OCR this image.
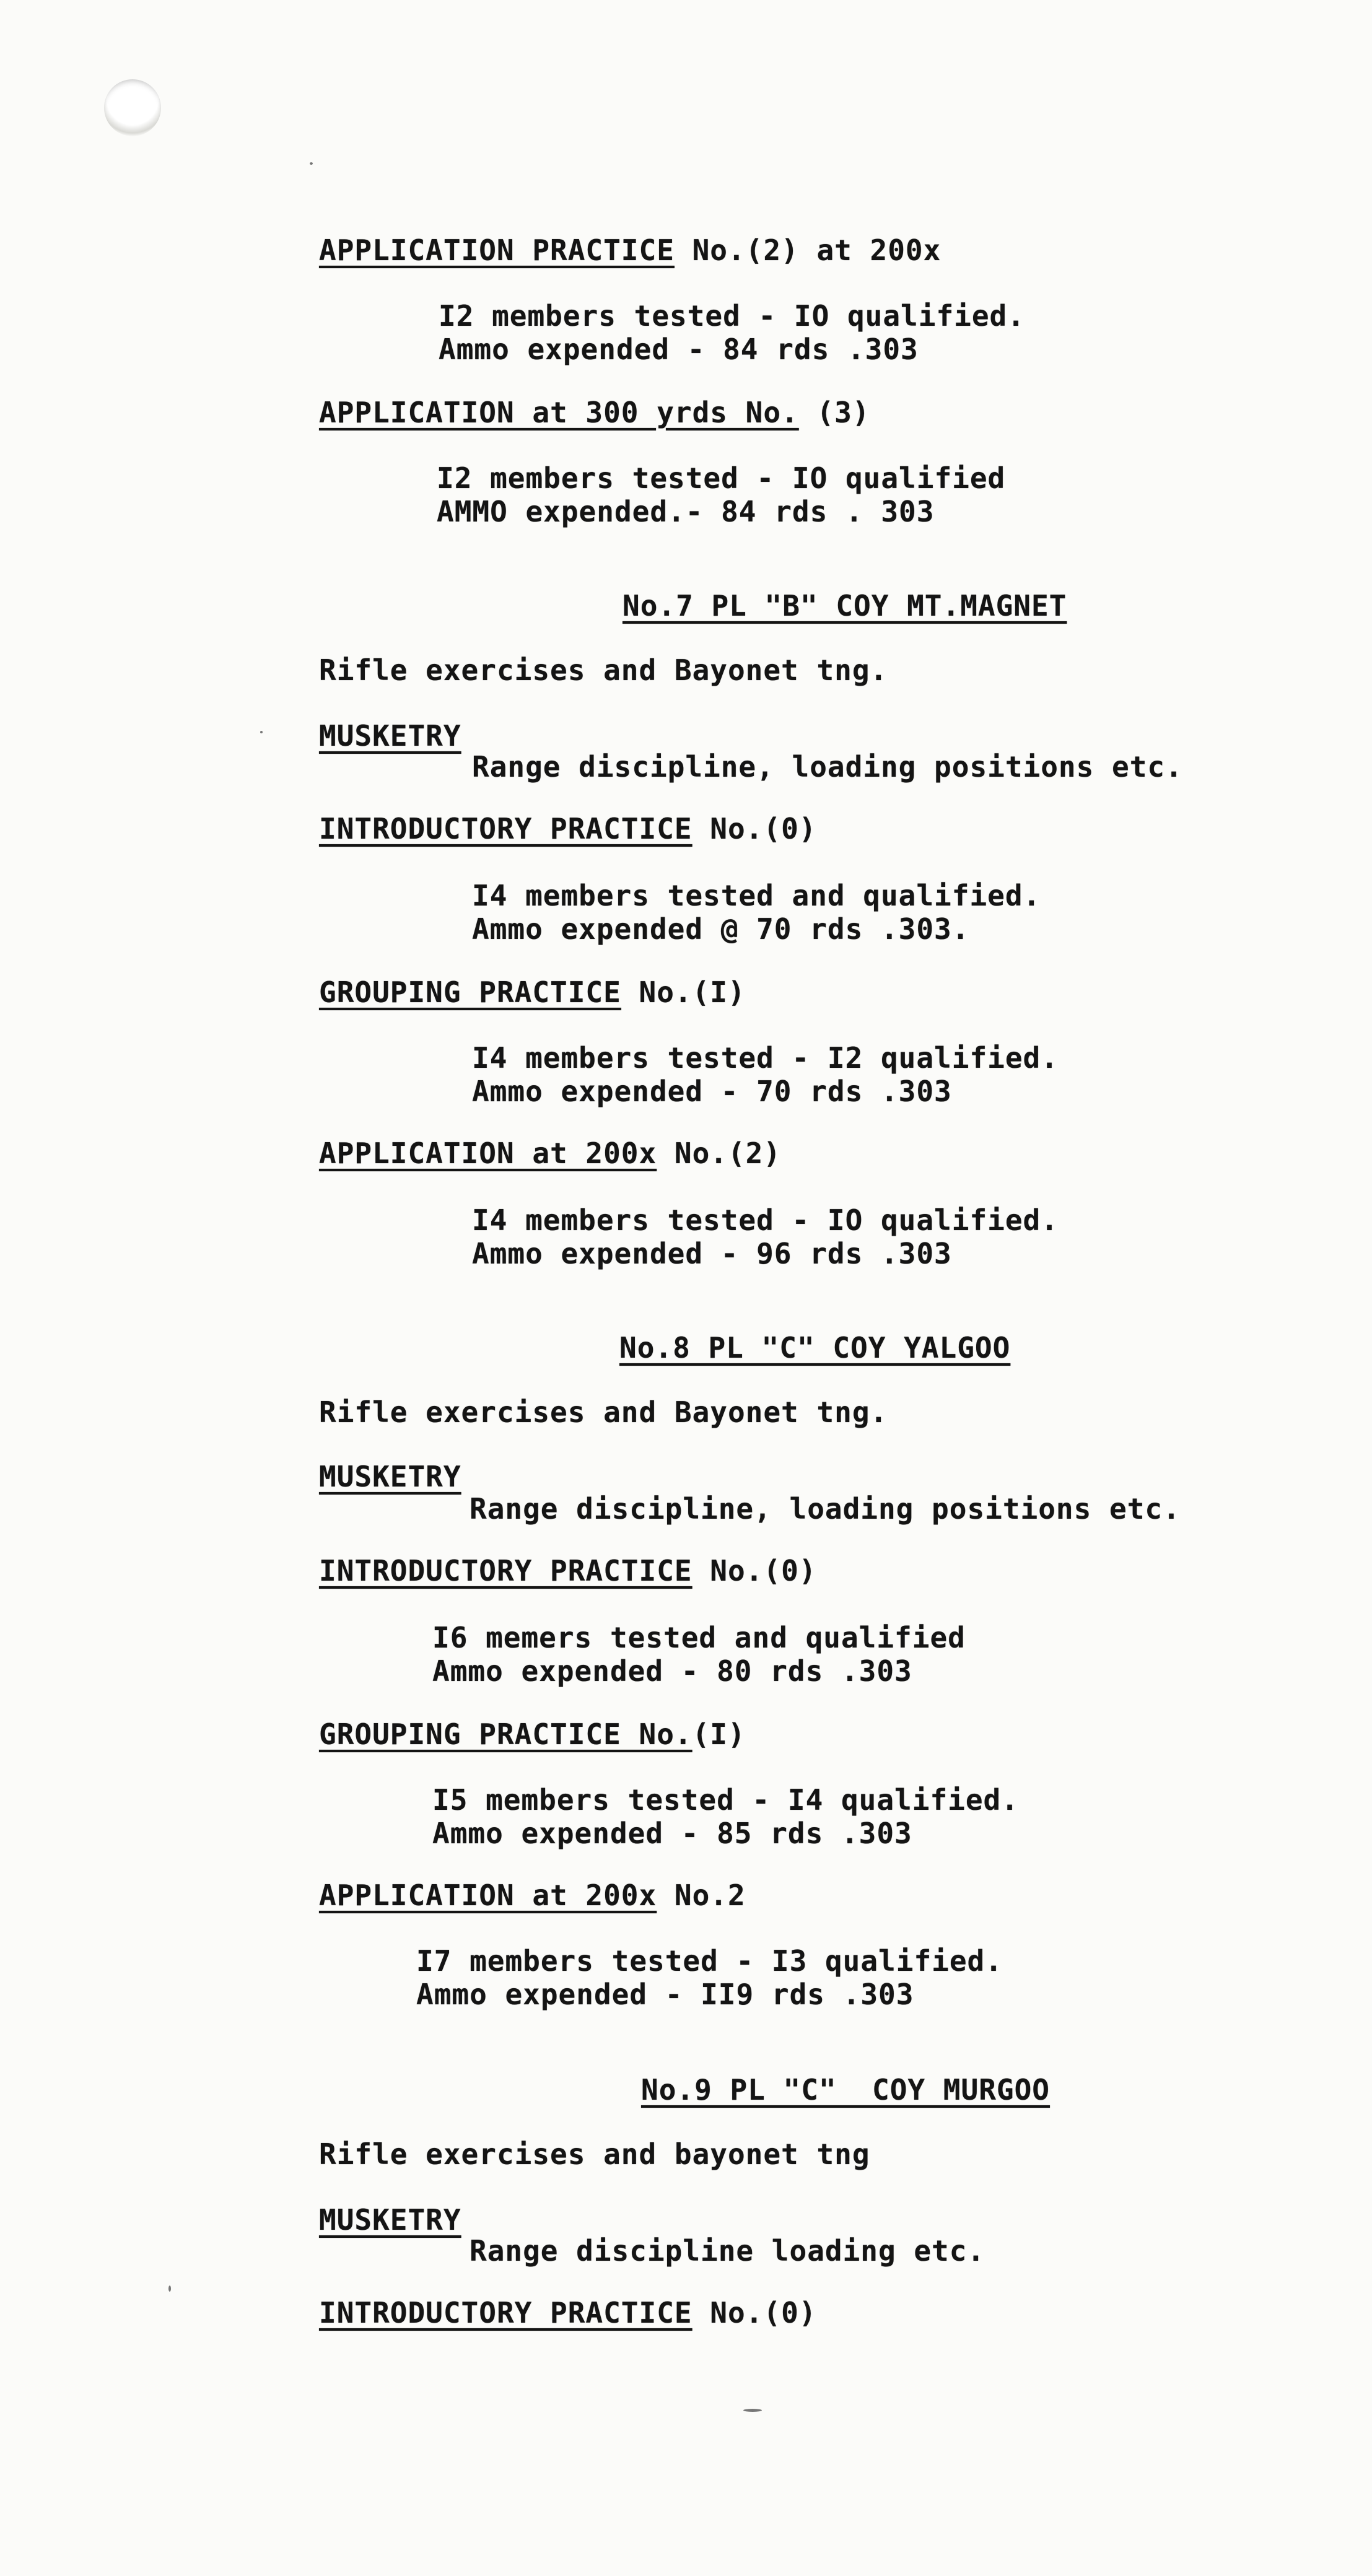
APPLICATION PRACTICE No.(2) at 200x
I2 members tested - IO qualified.
Ammo expended - 84 rds .303
APPLICATION at 300 yrds No. (3)
I2 members tested - IO qualified
AMMO expended.- 84 rds . 303
No.7 PL "B" COY MT.MAGNET
Rifle exercises and Bayonet tng.
MUSKETRY
Range discipline, loading positions etc.
INTRODUCTORY PRACTICE No.(0)
I4 members tested and qualified.
Ammo expended @ 70 rds .303.
GROUPING PRACTICE No.(I)
I4 members tested - I2 qualified.
Ammo expended - 70 rds .303
APPLICATION at 200x No.(2)
I4 members tested - IO qualified.
Ammo expended - 96 rds .303
No.8 PL "C" COY YALGOO
Rifle exercises and Bayonet tng.
MUSKETRY
Range discipline, loading positions etc.
INTRODUCTORY PRACTICE No.(0)
I6 memers tested and qualified
Ammo expended - 80 rds .303
GROUPING PRACTICE No.(I)
I5 members tested - I4 qualified.
Ammo expended - 85 rds .303
APPLICATION at 200x No.2
I7 members tested - I3 qualified.
Ammo expended - II9 rds .303
No.9 PL "C"  COY MURGOO
Rifle exercises and bayonet tng
MUSKETRY
Range discipline loading etc.
INTRODUCTORY PRACTICE No.(0)
